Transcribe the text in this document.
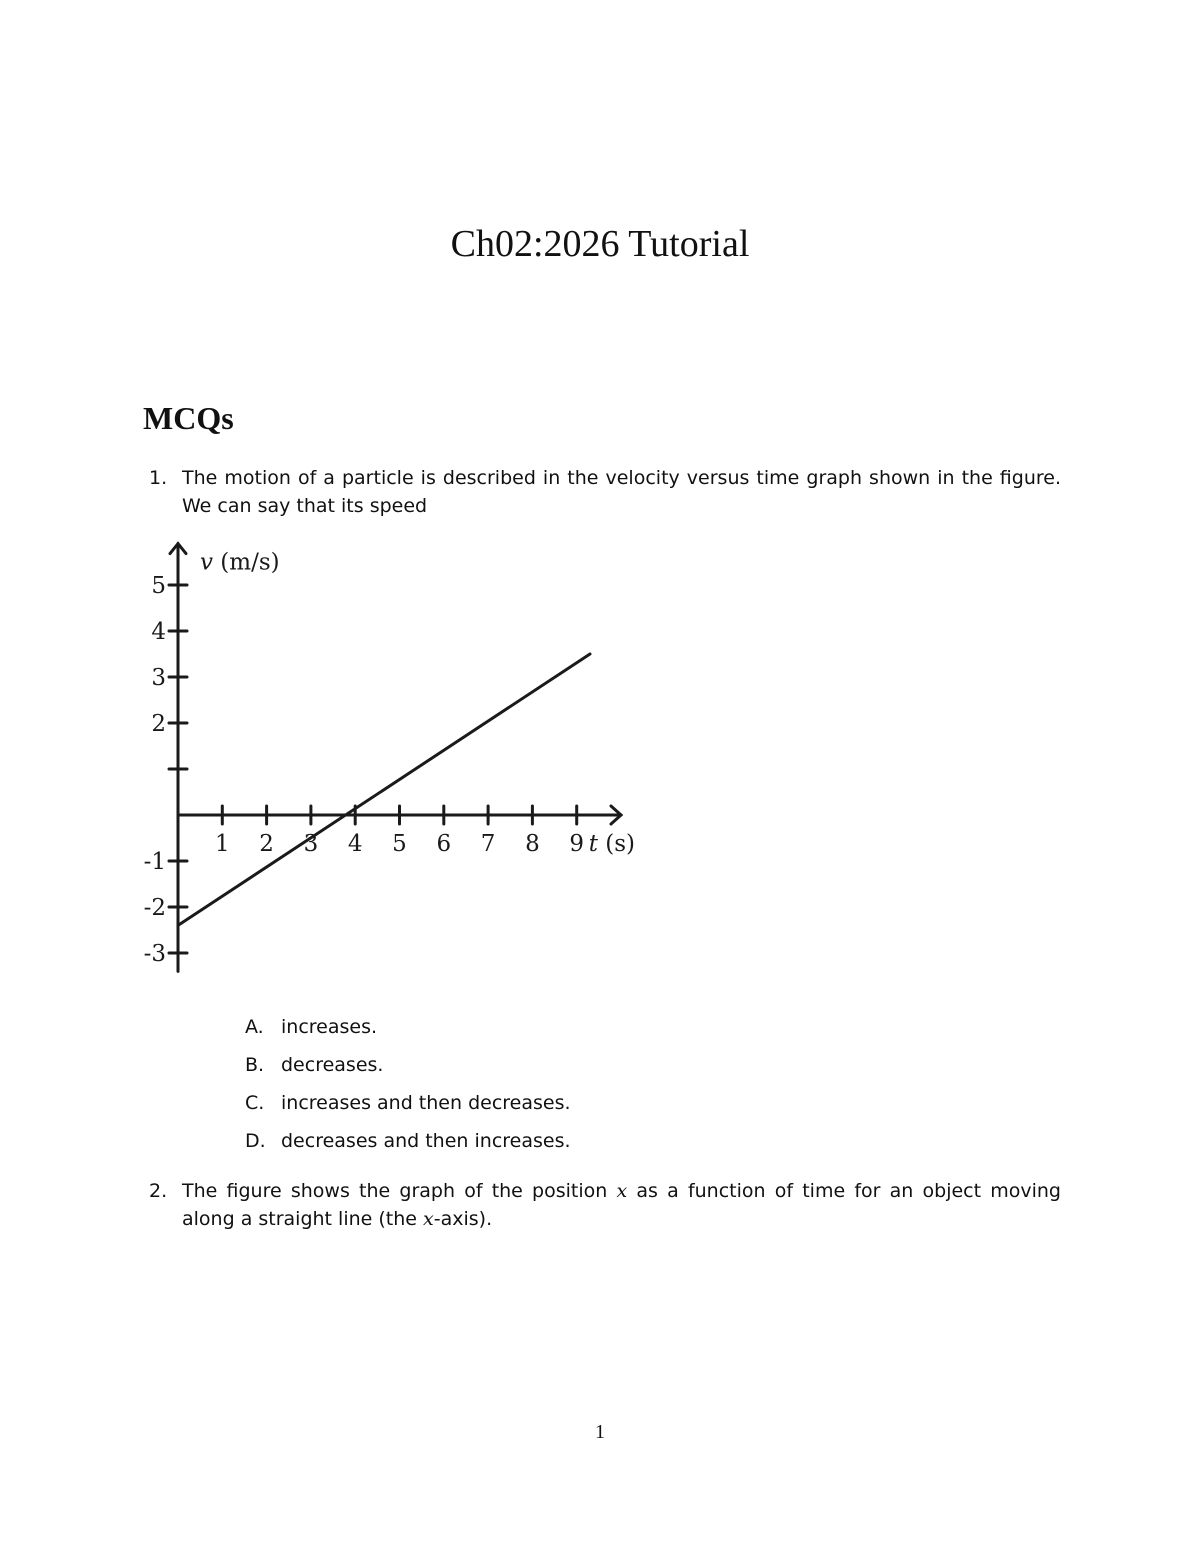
Ch02:2026 Tutorial
MCQs
1. The motion of a particle is described in the velocity versus time graph shown in the figure. We can say that its speed
1 2 3 4 5 6 7 8 9
5
4
3
2
-1
-2
-3
v (m/s)
t (s)
A. increases.
B. decreases.
C. increases and then decreases.
D. decreases and then increases.
2. The figure shows the graph of the position x as a function of time for an object moving along a straight line (the x-axis).
1
